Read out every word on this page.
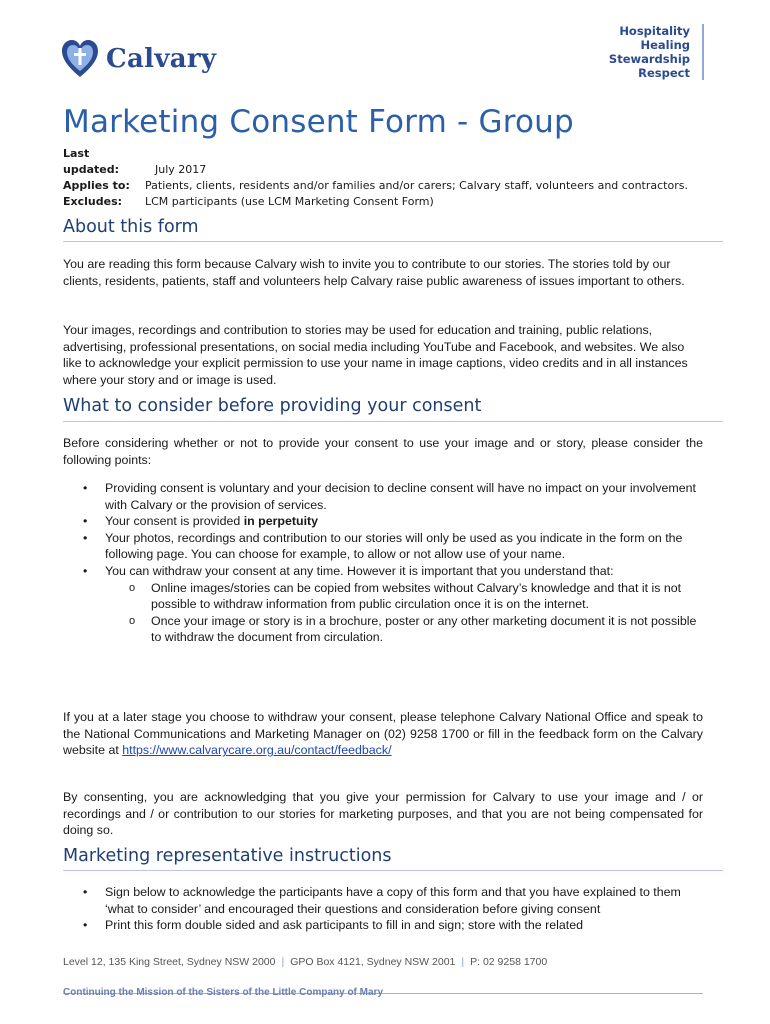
Calvary
Hospitality
Healing
Stewardship
Respect
Marketing Consent Form - Group
Last updated:	July 2017
Applies to: Patients, clients, residents and/or families and/or carers; Calvary staff, volunteers and contractors.
Excludes: LCM participants (use LCM Marketing Consent Form)
About this form

You are reading this form because Calvary wish to invite you to contribute to our stories. The stories told by our clients, residents, patients, staff and volunteers help Calvary raise public awareness of issues important to others.

Your images, recordings and contribution to stories may be used for education and training, public relations, advertising, professional presentations, on social media including YouTube and Facebook, and websites. We also like to acknowledge your explicit permission to use your name in image captions, video credits and in all instances where your story and or image is used.

What to consider before providing your consent

Before considering whether or not to provide your consent to use your image and or story, please consider the following points:

• Providing consent is voluntary and your decision to decline consent will have no impact on your involvement with Calvary or the provision of services.
• Your consent is provided in perpetuity
• Your photos, recordings and contribution to our stories will only be used as you indicate in the form on the following page. You can choose for example, to allow or not allow use of your name.
• You can withdraw your consent at any time. However it is important that you understand that:
o Online images/stories can be copied from websites without Calvary’s knowledge and that it is not possible to withdraw information from public circulation once it is on the internet.
o Once your image or story is in a brochure, poster or any other marketing document it is not possible to withdraw the document from circulation.

If you at a later stage you choose to withdraw your consent, please telephone Calvary National Office and speak to the National Communications and Marketing Manager on (02) 9258 1700 or fill in the feedback form on the Calvary website at https://www.calvarycare.org.au/contact/feedback/

By consenting, you are acknowledging that you give your permission for Calvary to use your image and / or recordings and / or contribution to our stories for marketing purposes, and that you are not being compensated for doing so.

Marketing representative instructions
• Sign below to acknowledge the participants have a copy of this form and that you have explained to them ‘what to consider’ and encouraged their questions and consideration before giving consent
• Print this form double sided and ask participants to fill in and sign; store with the related
Level 12, 135 King Street, Sydney NSW 2000 | GPO Box 4121, Sydney NSW 2001 | P: 02 9258 1700
Continuing the Mission of the Sisters of the Little Company of Mary
